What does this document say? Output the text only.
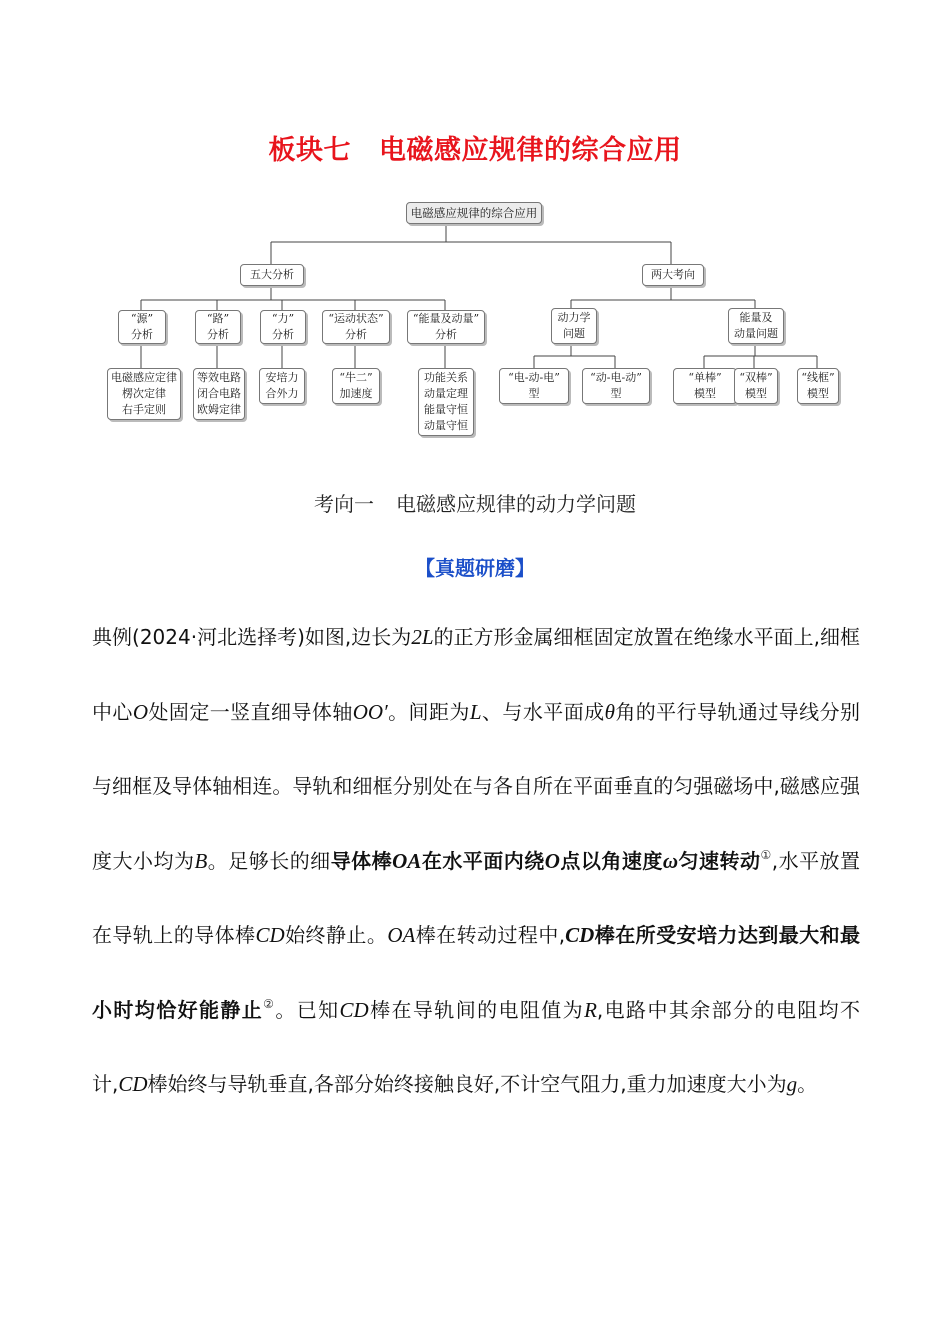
板块七 电磁感应规律的综合应用
电磁感应规律的综合应用
五大分析	两大考向
“源”
分析
“路”
分析
“力”
分析
“运动状态”
分析
“能量及动量”
分析
电磁感应定律
楞次定律
右手定则
等效电路
闭合电路
欧姆定律
安培力
合外力
“牛二”
加速度
功能关系
动量定理
能量守恒
动量守恒
动力学
问题
能量及
动量问题
“电-动-电”
型
“动-电-动”
型
“单棒”
模型
“双棒”
模型
“线框”
模型
考向一 电磁感应规律的动力学问题
【真题研磨】
典例(2024·河北选择考)如图,边长为2L的正方形金属细框固定放置在绝缘水平面上,细框中心O处固定一竖直细导体轴OO′。间距为L、与水平面成θ角的平行导轨通过导线分别与细框及导体轴相连。导轨和细框分别处在与各自所在平面垂直的匀强磁场中,磁感应强度大小均为B。足够长的细导体棒OA在水平面内绕O点以角速度ω匀速转动①,水平放置在导轨上的导体棒CD始终静止。OA棒在转动过程中,CD棒在所受安培力达到最大和最小时均恰好能静止②。已知CD棒在导轨间的电阻值为R,电路中其余部分的电阻均不计,CD棒始终与导轨垂直,各部分始终接触良好,不计空气阻力,重力加速度大小为g。
